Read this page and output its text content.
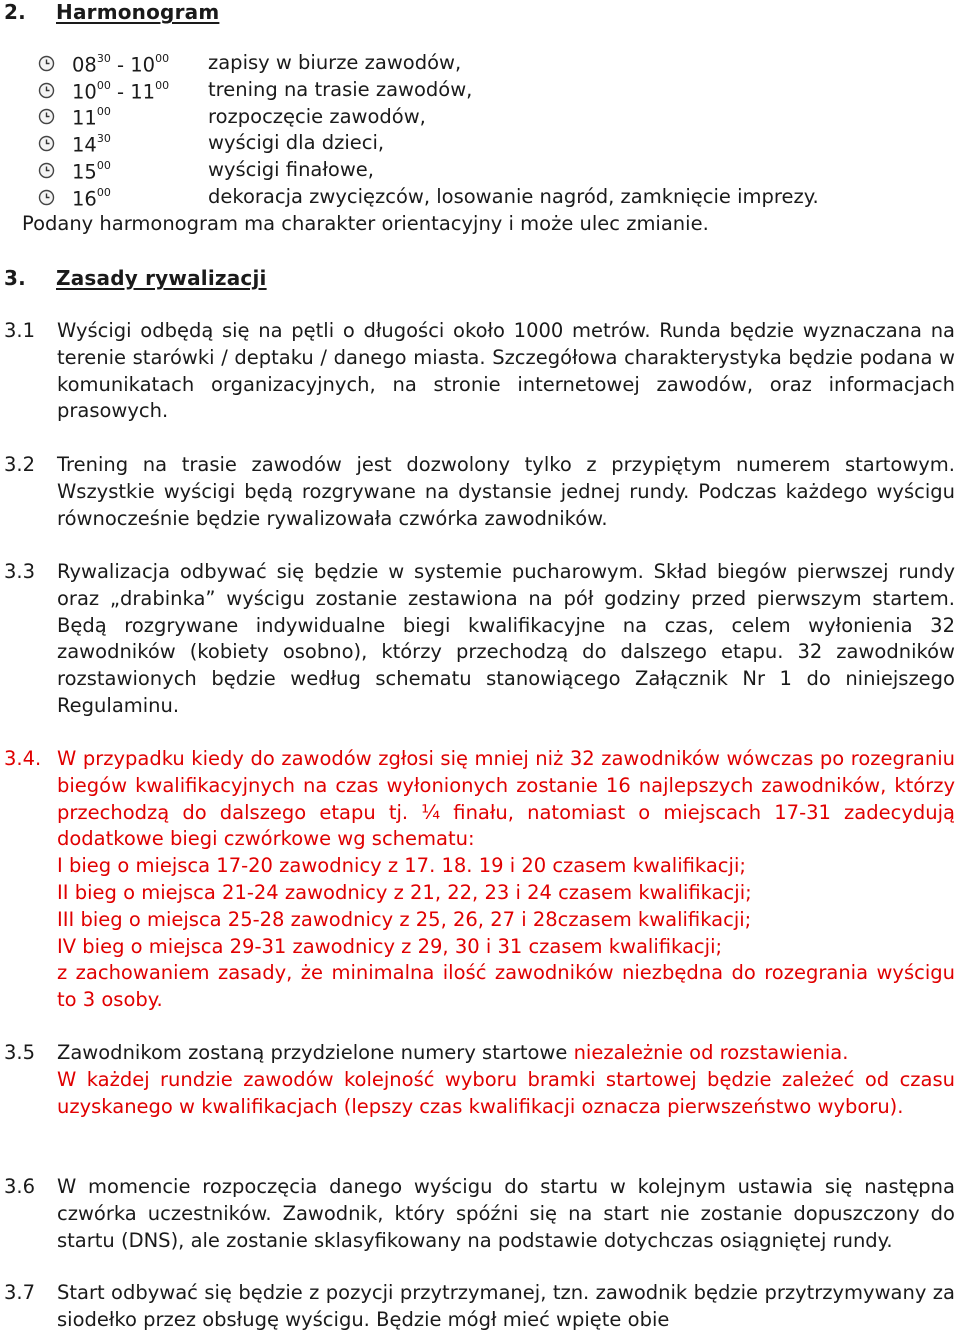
2. Harmonogram
$08^{30} - 10^{00}$	zapisy w biurze zawodów,
$10^{00} - 11^{00}$	trening na trasie zawodów,
$11^{00}$	rozpoczęcie zawodów,
$14^{30}$	wyścigi dla dzieci,
$15^{00}$	wyścigi finałowe,
$16^{00}$	dekoracja zwycięzców, losowanie nagród, zamknięcie imprezy.
Podany harmonogram ma charakter orientacyjny i może ulec zmianie.
3. Zasady rywalizacji
3.1 Wyścigi odbędą się na pętli o długości około 1000 metrów. Runda będzie wyznaczana na terenie starówki / deptaku / danego miasta. Szczegółowa charakterystyka będzie podana w komunikatach organizacyjnych, na stronie internetowej zawodów, oraz informacjach prasowych.
3.2 Trening na trasie zawodów jest dozwolony tylko z przypiętym numerem startowym. Wszystkie wyścigi będą rozgrywane na dystansie jednej rundy. Podczas każdego wyścigu równocześnie będzie rywalizowała czwórka zawodników.
3.3 Rywalizacja odbywać się będzie w systemie pucharowym. Skład biegów pierwszej rundy oraz „drabinka” wyścigu zostanie zestawiona na pół godziny przed pierwszym startem. Będą rozgrywane indywidualne biegi kwalifikacyjne na czas, celem wyłonienia 32 zawodników (kobiety osobno), którzy przechodzą do dalszego etapu. 32 zawodników rozstawionych będzie według schematu stanowiącego Załącznik Nr 1 do niniejszego Regulaminu.
3.4. W przypadku kiedy do zawodów zgłosi się mniej niż 32 zawodników wówczas po rozegraniu biegów kwalifikacyjnych na czas wyłonionych zostanie 16 najlepszych zawodników, którzy przechodzą do dalszego etapu tj. ¼ finału, natomiast o miejscach 17-31 zadecydują dodatkowe biegi czwórkowe wg schematu:
I bieg o miejsca 17-20 zawodnicy z 17. 18. 19 i 20 czasem kwalifikacji;
II bieg o miejsca 21-24 zawodnicy z 21, 22, 23 i 24 czasem kwalifikacji;
III bieg o miejsca 25-28 zawodnicy z 25, 26, 27 i 28czasem kwalifikacji;
IV bieg o miejsca 29-31 zawodnicy z 29, 30 i 31 czasem kwalifikacji;
z zachowaniem zasady, że minimalna ilość zawodników niezbędna do rozegrania wyścigu to 3 osoby.
3.5 Zawodnikom zostaną przydzielone numery startowe niezależnie od rozstawienia.
W każdej rundzie zawodów kolejność wyboru bramki startowej będzie zależeć od czasu uzyskanego w kwalifikacjach (lepszy czas kwalifikacji oznacza pierwszeństwo wyboru).
3.6 W momencie rozpoczęcia danego wyścigu do startu w kolejnym ustawia się następna czwórka uczestników. Zawodnik, który spóźni się na start nie zostanie dopuszczony do startu (DNS), ale zostanie sklasyfikowany na podstawie dotychczas osiągniętej rundy.
3.7 Start odbywać się będzie z pozycji przytrzymanej, tzn. zawodnik będzie przytrzymywany za siodełko przez obsługę wyścigu. Będzie mógł mieć wpięte obie
